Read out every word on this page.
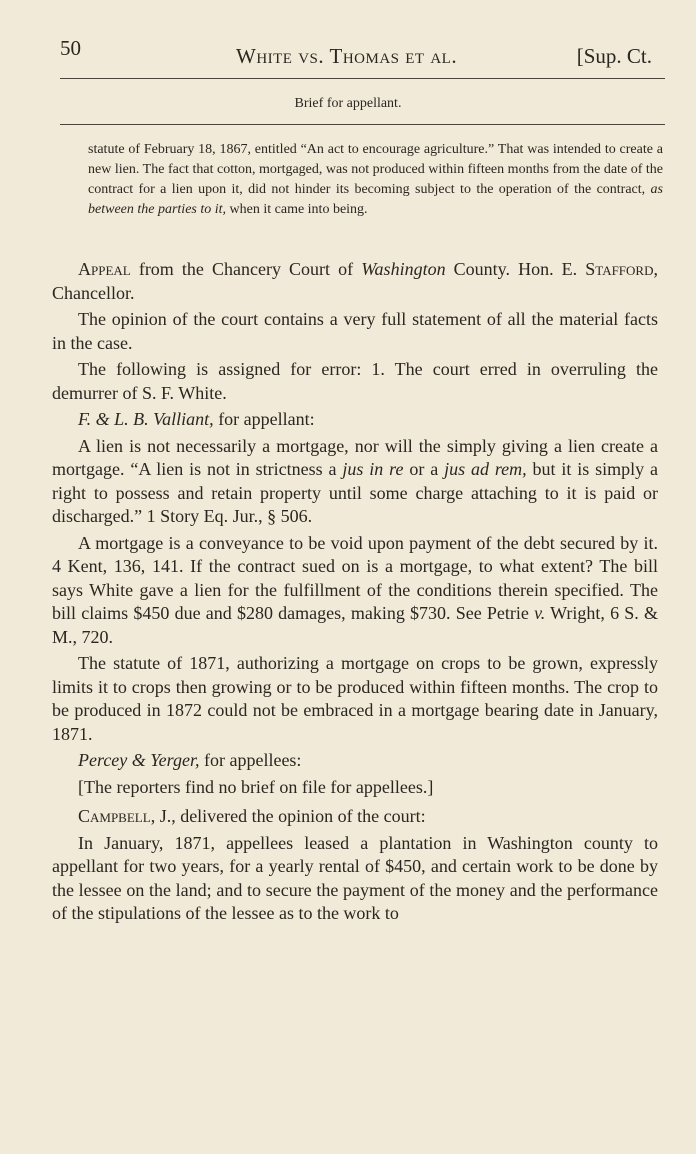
50	White vs. Thomas et al.	[Sup. Ct.
Brief for appellant.
statute of February 18, 1867, entitled “An act to encourage agriculture.” That was intended to create a new lien. The fact that cotton, mortgaged, was not produced within fifteen months from the date of the contract for a lien upon it, did not hinder its becoming subject to the operation of the contract, as between the parties to it, when it came into being.

Appeal from the Chancery Court of Washington County. Hon. E. Stafford, Chancellor.

The opinion of the court contains a very full statement of all the material facts in the case.

The following is assigned for error: 1. The court erred in overruling the demurrer of S. F. White.

F. & L. B. Valliant, for appellant:

A lien is not necessarily a mortgage, nor will the simply giving a lien create a mortgage. “A lien is not in strictness a jus in re or a jus ad rem, but it is simply a right to possess and retain property until some charge attaching to it is paid or discharged.” 1 Story Eq. Jur., § 506.

A mortgage is a conveyance to be void upon payment of the debt secured by it. 4 Kent, 136, 141. If the contract sued on is a mortgage, to what extent? The bill says White gave a lien for the fulfillment of the conditions therein specified. The bill claims $450 due and $280 damages, making $730. See Petrie v. Wright, 6 S. & M., 720.

The statute of 1871, authorizing a mortgage on crops to be grown, expressly limits it to crops then growing or to be produced within fifteen months. The crop to be produced in 1872 could not be embraced in a mortgage bearing date in January, 1871.

Percey & Yerger, for appellees:

[The reporters find no brief on file for appellees.]

Campbell, J., delivered the opinion of the court:

In January, 1871, appellees leased a plantation in Washington county to appellant for two years, for a yearly rental of $450, and certain work to be done by the lessee on the land; and to secure the payment of the money and the performance of the stipulations of the lessee as to the work to
